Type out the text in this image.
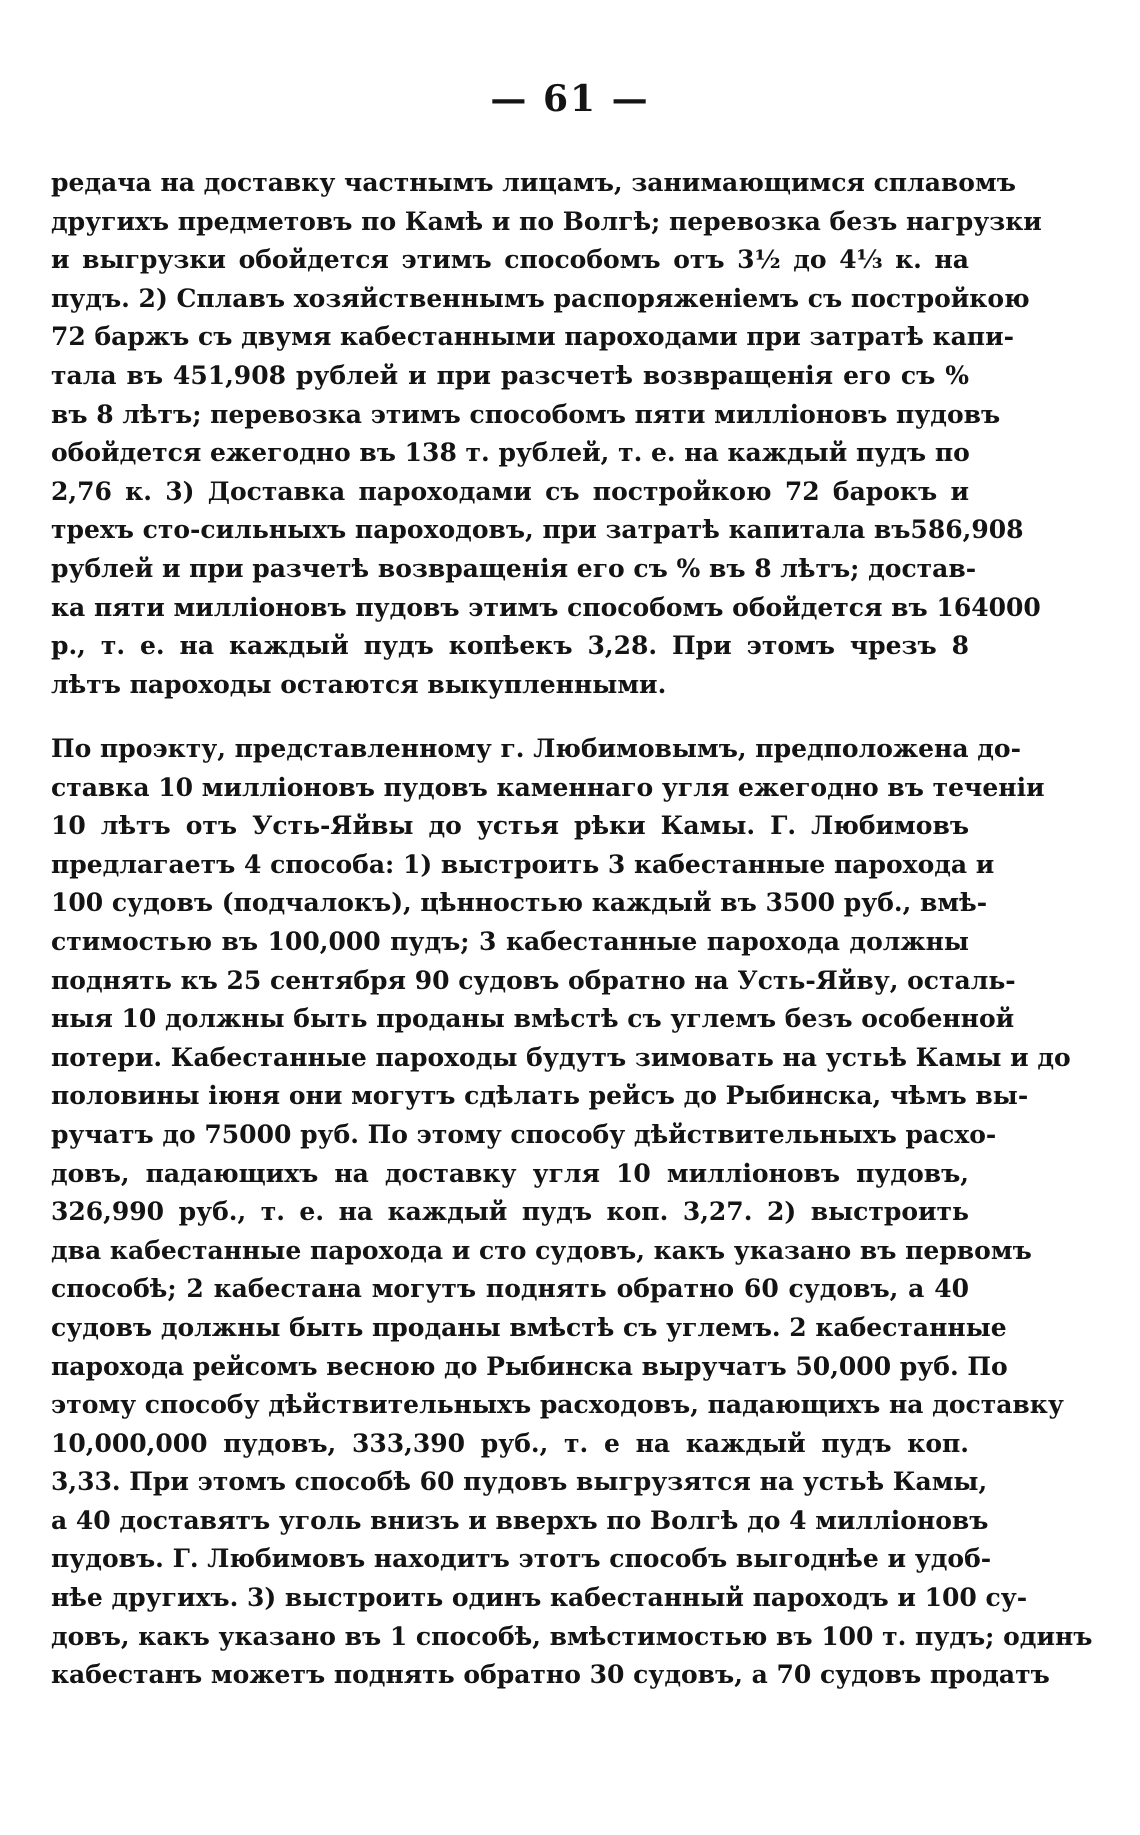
— 61 —
редача на доставку частнымъ лицамъ, занимающимся сплавомъ
другихъ предметовъ по Камѣ и по Волгѣ; перевозка безъ нагрузки
и выгрузки обойдется этимъ способомъ отъ 3½ до 4⅓ к. на
пудъ. 2) Сплавъ хозяйственнымъ распоряженіемъ съ постройкою
72 баржъ съ двумя кабестанными пароходами при затратѣ капи-
тала въ 451,908 рублей и при разсчетѣ возвращенія его съ %
въ 8 лѣтъ; перевозка этимъ способомъ пяти милліоновъ пудовъ
обойдется ежегодно въ 138 т. рублей, т. е. на каждый пудъ по
2,76 к. 3) Доставка пароходами съ постройкою 72 барокъ и
трехъ сто-сильныхъ пароходовъ, при затратѣ капитала въ586,908
рублей и при разчетѣ возвращенія его съ % въ 8 лѣтъ; достав-
ка пяти милліоновъ пудовъ этимъ способомъ обойдется въ 164000
р., т. е. на каждый пудъ копѣекъ 3,28. При этомъ чрезъ 8
лѣтъ пароходы остаются выкупленными.
По проэкту, представленному г. Любимовымъ, предположена до-
ставка 10 милліоновъ пудовъ каменнаго угля ежегодно въ теченіи
10 лѣтъ отъ Усть-Яйвы до устья рѣки Камы. Г. Любимовъ
предлагаетъ 4 способа: 1) выстроить 3 кабестанные парохода и
100 судовъ (подчалокъ), цѣнностью каждый въ 3500 руб., вмѣ-
стимостью въ 100,000 пудъ; 3 кабестанные парохода должны
поднять къ 25 сентября 90 судовъ обратно на Усть-Яйву, осталь-
ныя 10 должны быть проданы вмѣстѣ съ углемъ безъ особенной
потери. Кабестанные пароходы будутъ зимовать на устьѣ Камы и до
половины іюня они могутъ сдѣлать рейсъ до Рыбинска, чѣмъ вы-
ручатъ до 75000 руб. По этому способу дѣйствительныхъ расхо-
довъ, падающихъ на доставку угля 10 милліоновъ пудовъ,
326,990 руб., т. е. на каждый пудъ коп. 3,27. 2) выстроить
два кабестанные парохода и сто судовъ, какъ указано въ первомъ
способѣ; 2 кабестана могутъ поднять обратно 60 судовъ, а 40
судовъ должны быть проданы вмѣстѣ съ углемъ. 2 кабестанные
парохода рейсомъ весною до Рыбинска выручатъ 50,000 руб. По
этому способу дѣйствительныхъ расходовъ, падающихъ на доставку
10,000,000 пудовъ, 333,390 руб., т. е на каждый пудъ коп.
3,33. При этомъ способѣ 60 пудовъ выгрузятся на устьѣ Камы,
а 40 доставятъ уголь внизъ и вверхъ по Волгѣ до 4 милліоновъ
пудовъ. Г. Любимовъ находитъ этотъ способъ выгоднѣе и удоб-
нѣе другихъ. 3) выстроить одинъ кабестанный пароходъ и 100 су-
довъ, какъ указано въ 1 способѣ, вмѣстимостью въ 100 т. пудъ; одинъ
кабестанъ можетъ поднять обратно 30 судовъ, а 70 судовъ продатъ
